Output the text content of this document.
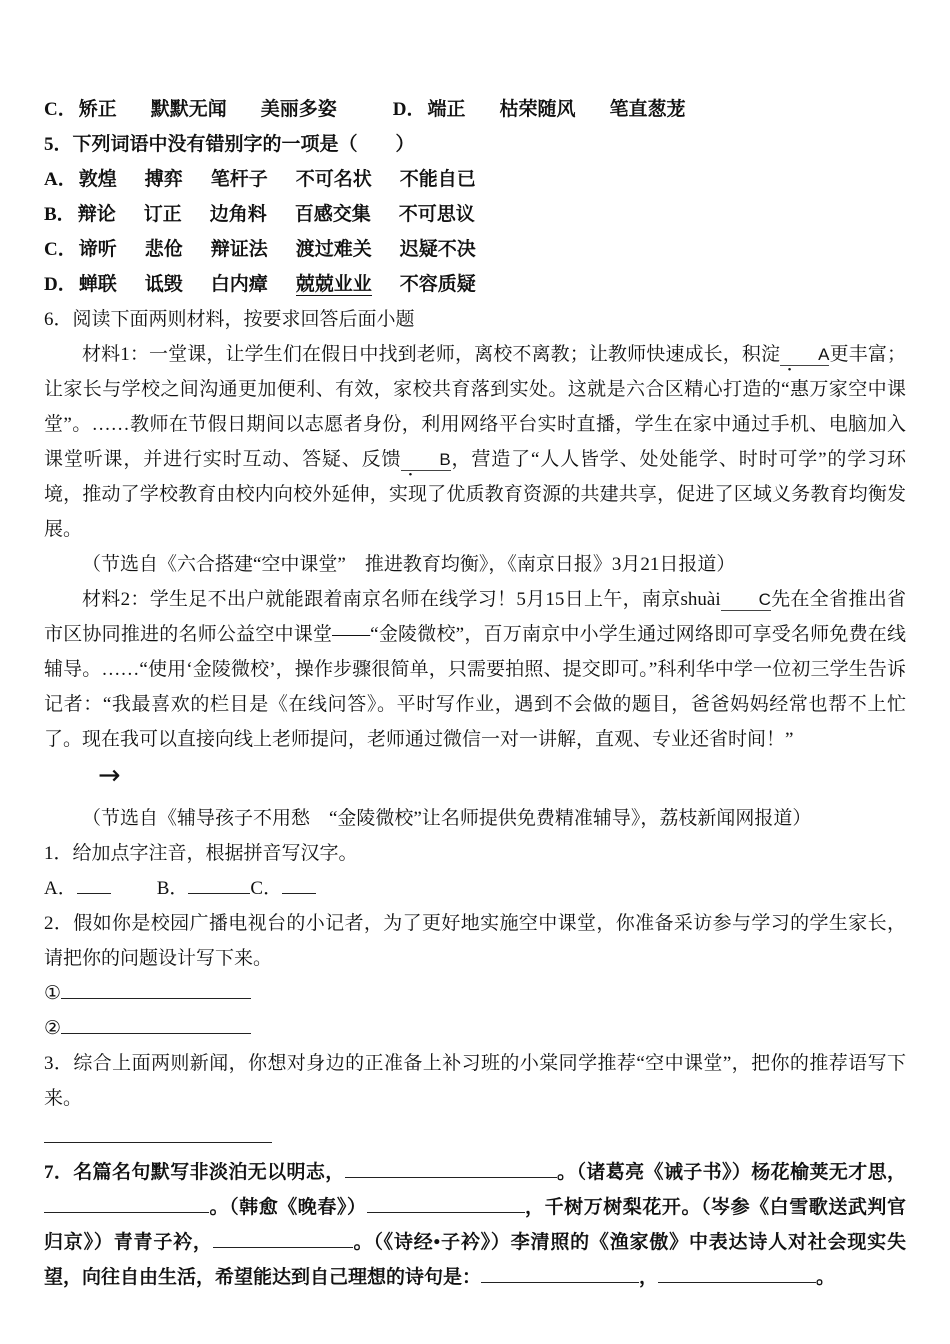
C． 矫正 默默无闻 美丽多姿	D． 端正 枯荣随风 笔直葱茏

5．下列词语中没有错别字的一项是（　　）

A． 敦煌 搏弈 笔杆子 不可名状 不能自已

B． 辩论 订正 边角料 百感交集 不可思议

C． 谛听 悲伧 辩证法 渡过难关 迟疑不决

D． 蝉联 诋毁 白内瘴 兢兢业业 不容质疑

6．阅读下面两则材料，按要求回答后面小题

材料1：一堂课，让学生们在假日中找到老师，离校不离教；让教师快速成长，积淀 A更丰富；让家长与学校之间沟通更加便利、有效，家校共育落到实处。这就是六合区精心打造的“惠万家空中课堂”。……教师在节假日期间以志愿者身份，利用网络平台实时直播，学生在家中通过手机、电脑加入课堂听课，并进行实时互动、答疑、反馈 B，营造了“人人皆学、处处能学、时时可学”的学习环境，推动了学校教育由校内向校外延伸，实现了优质教育资源的共建共享，促进了区域义务教育均衡发展。

（节选自《六合搭建“空中课堂”　推进教育均衡》，《南京日报》3月21日报道）

材料2：学生足不出户就能跟着南京名师在线学习！5月15日上午，南京shuài C先在全省推出省市区协同推进的名师公益空中课堂——“金陵微校”，百万南京中小学生通过网络即可享受名师免费在线辅导。……“使用‘金陵微校’，操作步骤很简单，只需要拍照、提交即可。”科利华中学一位初三学生告诉记者：“我最喜欢的栏目是《在线问答》。平时写作业，遇到不会做的题目，爸爸妈妈经常也帮不上忙了。现在我可以直接向线上老师提问，老师通过微信一对一讲解，直观、专业还省时间！”

→

（节选自《辅导孩子不用愁　“金陵微校”让名师提供免费精准辅导》，荔枝新闻网报道）

1．给加点字注音，根据拼音写汉字。

A．	B．	C．

2．假如你是校园广播电视台的小记者，为了更好地实施空中课堂，你准备采访参与学习的学生家长，请把你的问题设计写下来。

①

②

3．综合上面两则新闻，你想对身边的正准备上补习班的小棠同学推荐“空中课堂”，把你的推荐语写下来。

7．名篇名句默写非淡泊无以明志，	。（诸葛亮《诫子书》）杨花榆荚无才思，。（韩愈《晚春》）	，千树万树梨花开。（岑参《白雪歌送武判官归京》）青青子衿，	。（《诗经•子衿》）李清照的《渔家傲》中表达诗人对社会现实失望，向往自由生活，希望能达到自己理想的诗句是：	，	。
